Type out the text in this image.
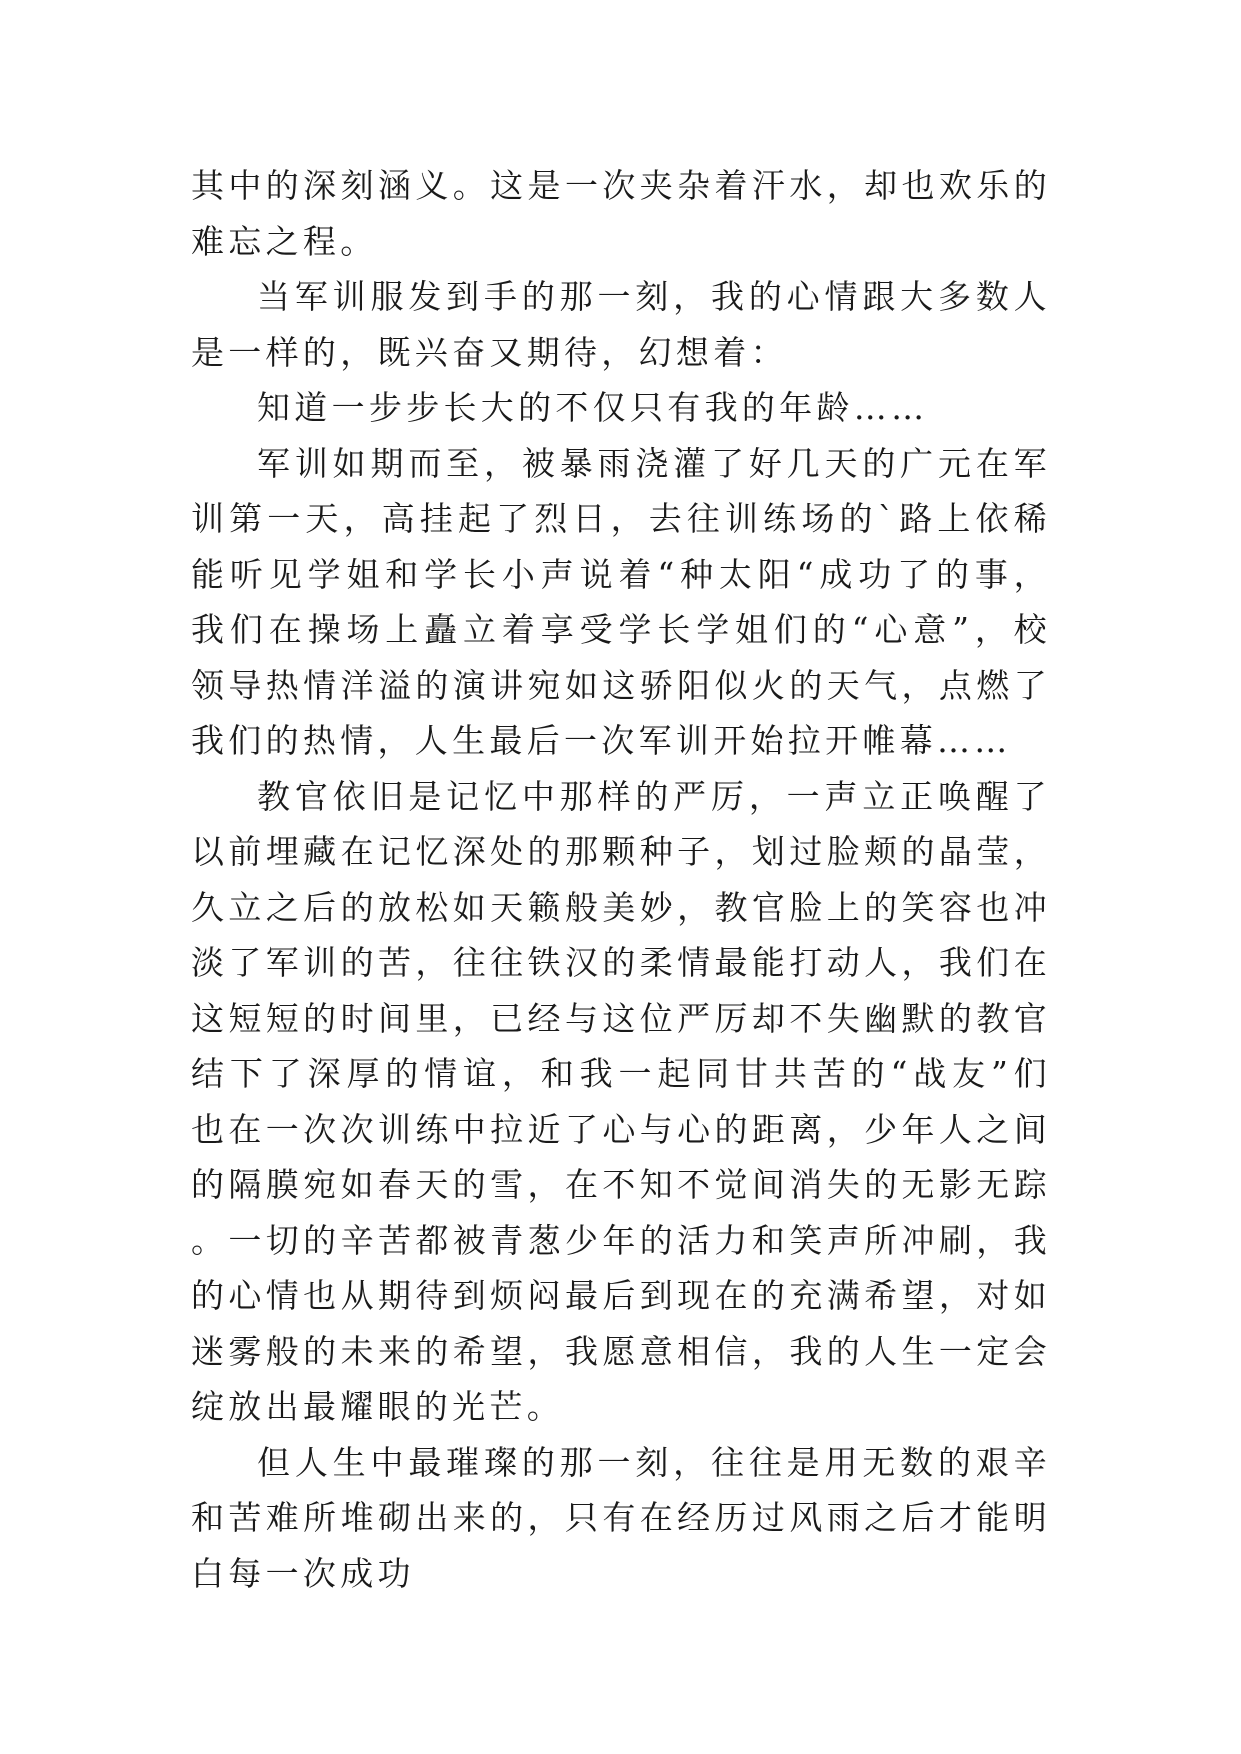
其中的深刻涵义。这是一次夹杂着汗水，却也欢乐的难忘之程。

当军训服发到手的那一刻，我的心情跟大多数人是一样的，既兴奋又期待，幻想着：

知道一步步长大的不仅只有我的年龄……

军训如期而至，被暴雨浇灌了好几天的广元在军训第一天，高挂起了烈日，去往训练场的`路上依稀能听见学姐和学长小声说着“种太阳“成功了的事，我们在操场上矗立着享受学长学姐们的“心意”，校领导热情洋溢的演讲宛如这骄阳似火的天气，点燃了我们的热情，人生最后一次军训开始拉开帷幕……

教官依旧是记忆中那样的严厉，一声立正唤醒了以前埋藏在记忆深处的那颗种子，划过脸颊的晶莹，久立之后的放松如天籁般美妙，教官脸上的笑容也冲淡了军训的苦，往往铁汉的柔情最能打动人，我们在这短短的时间里，已经与这位严厉却不失幽默的教官结下了深厚的情谊，和我一起同甘共苦的“战友”们也在一次次训练中拉近了心与心的距离，少年人之间的隔膜宛如春天的雪，在不知不觉间消失的无影无踪。一切的辛苦都被青葱少年的活力和笑声所冲刷，我的心情也从期待到烦闷最后到现在的充满希望，对如迷雾般的未来的希望，我愿意相信，我的人生一定会绽放出最耀眼的光芒。

但人生中最璀璨的那一刻，往往是用无数的艰辛和苦难所堆砌出来的，只有在经历过风雨之后才能明白每一次成功
